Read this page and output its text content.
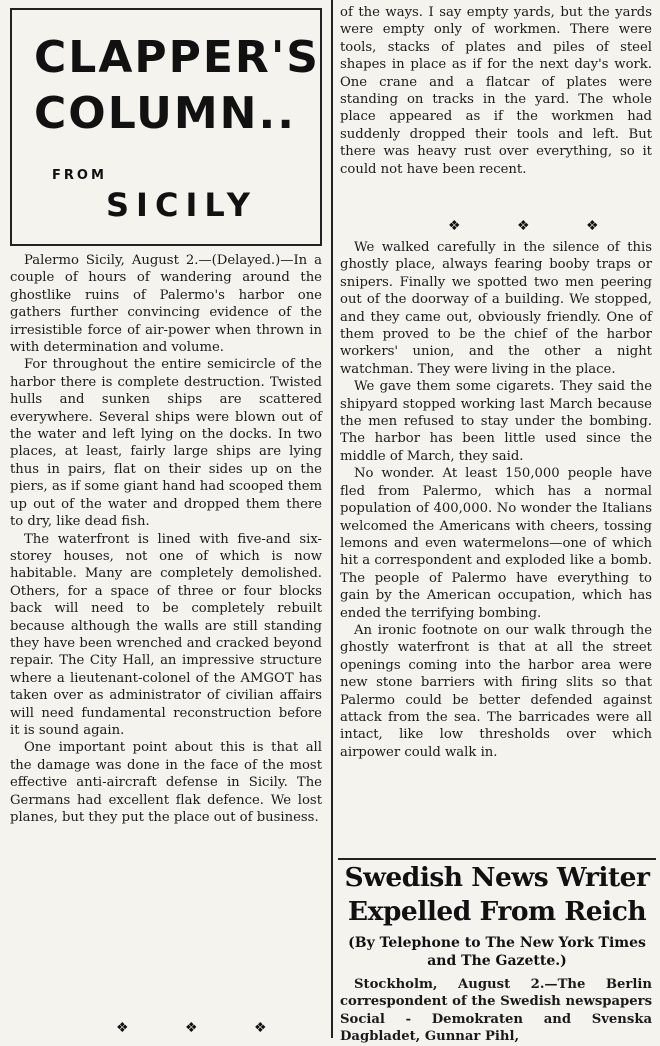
CLAPPER'S
COLUMN..
FROM
SICILY

Palermo Sicily, August 2.—(Delayed.)—In a couple of hours of wandering around the ghostlike ruins of Palermo's harbor one gathers further convincing evidence of the irresistible force of air-power when thrown in with determination and volume.

For throughout the entire semicircle of the harbor there is complete destruction. Twisted hulls and sunken ships are scattered everywhere. Several ships were blown out of the water and left lying on the docks. In two places, at least, fairly large ships are lying thus in pairs, flat on their sides up on the piers, as if some giant hand had scooped them up out of the water and dropped them there to dry, like dead fish.

The waterfront is lined with five-and six-storey houses, not one of which is now habitable. Many are completely demolished. Others, for a space of three or four blocks back will need to be completely rebuilt because although the walls are still standing they have been wrenched and cracked beyond repair. The City Hall, an impressive structure where a lieutenant-colonel of the AMGOT has taken over as administrator of civilian affairs will need fundamental reconstruction before it is sound again.

One important point about this is that all the damage was done in the face of the most effective anti-aircraft defense in Sicily. The Germans had excellent flak defence. We lost planes, but they put the place out of business.

❖ ❖ ❖

of the ways. I say empty yards, but the yards were empty only of workmen. There were tools, stacks of plates and piles of steel shapes in place as if for the next day's work. One crane and a flatcar of plates were standing on tracks in the yard. The whole place appeared as if the workmen had suddenly dropped their tools and left. But there was heavy rust over everything, so it could not have been recent.

❖ ❖ ❖

We walked carefully in the silence of this ghostly place, always fearing booby traps or snipers. Finally we spotted two men peering out of the doorway of a building. We stopped, and they came out, obviously friendly. One of them proved to be the chief of the harbor workers' union, and the other a night watchman. They were living in the place.

We gave them some cigarets. They said the shipyard stopped working last March because the men refused to stay under the bombing. The harbor has been little used since the middle of March, they said.

No wonder. At least 150,000 people have fled from Palermo, which has a normal population of 400,000. No wonder the Italians welcomed the Americans with cheers, tossing lemons and even watermelons—one of which hit a correspondent and exploded like a bomb. The people of Palermo have everything to gain by the American occupation, which has ended the terrifying bombing.

An ironic footnote on our walk through the ghostly waterfront is that at all the street openings coming into the harbor area were new stone barriers with firing slits so that Palermo could be better defended against attack from the sea. The barricades were all intact, like low thresholds over which airpower could walk in.

Swedish News Writer Expelled From Reich
(By Telephone to The New York Times and The Gazette.)

Stockholm, August 2.—The Berlin correspondent of the Swedish newspapers Social - Demokraten and Svenska Dagbladet, Gunnar Pihl,
